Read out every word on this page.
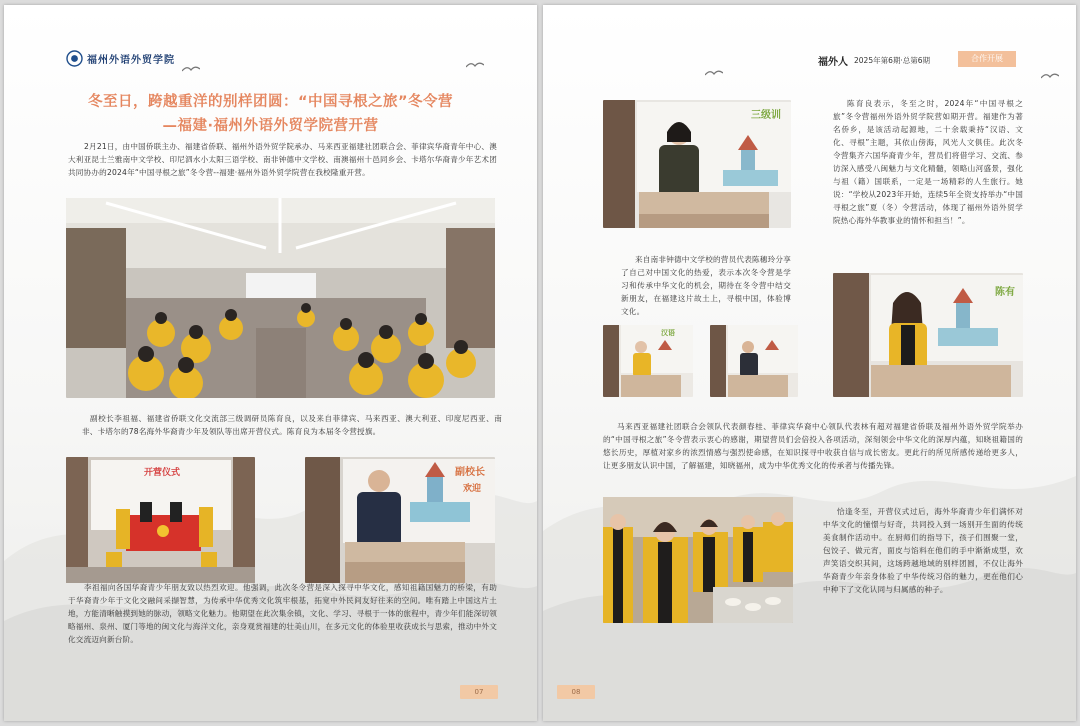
福州外语外贸学院
冬至日，跨越重洋的别样团圆：“中国寻根之旅”冬令营
—福建·福州外语外贸学院营开营

2月21日，由中国侨联主办、福建省侨联、福州外语外贸学院承办、马来西亚福建社团联合会、菲律宾华裔青年中心、澳大利亚昆士兰雅南中文学校、印尼泗水小太阳三语学校、南非钟德中文学校、南澳福州十邑同乡会、卡塔尔华裔青少年艺术团共同协办的2024年“中国寻根之旅”冬令营--福建·福州外语外贸学院营在我校隆重开营。

副校长李祖福、福建省侨联文化交流部三级调研员陈育良，以及来自菲律宾、马来西亚、澳大利亚、印度尼西亚、南非、卡塔尔的78名海外华裔青少年及领队等出席开营仪式。陈育良为本届冬令营授旗。

开营仪式	副校长
欢迎

李祖福向各国华裔青少年朋友致以热烈欢迎。他强调，此次冬令营是深入探寻中华文化，感知祖籍国魅力的桥梁，有助于华裔青少年于文化交融间采撷智慧，为传承中华优秀文化筑牢根基，拓宽中外民间友好往来的空间。唯有踏上中国这片土地，方能清晰触摸到她的脉动，领略文化魅力。他期望在此次集余镇，文化、学习、寻根于一体的旅程中，青少年们能深切领略福州、泉州、厦门等地的闽文化与海洋文化，亲身观赏福建的壮美山川，在多元文化的体验里收获成长与思索，推动中外文化交流迈向新台阶。

07
福外人 2025年第6期·总第6期	合作开展
三级训

陈育良表示，冬至之时，2024年“中国寻根之旅”冬令营福州外语外贸学院营如期开营。福建作为著名侨乡，是该活动起源地，二十余载秉持“汉语、文化、寻根”主题，其依山傍海，风光人文俱佳。此次冬令营集齐六国华裔青少年，营员们将借学习、交流、参访深入感受八闽魅力与文化精髓，领略山河盛景，强化与祖（籍）国联系，一定是一场精彩的人生旅行。她说：“学校从2023年开始，连续5年全资支持举办“中国寻根之旅”夏（冬）令营活动，体现了福州外语外贸学院热心海外华教事业的情怀和担当！”。

来自南非钟德中文学校的营员代表陈穗玲分享了自己对中国文化的热爱，表示本次冬令营是学习和传承中华文化的机会，期待在冬令营中结交新朋友，在福建这片故土上，寻根中国，体验博文化。

陈有
汉语

马来西亚福建社团联合会领队代表颜春桂、菲律宾华裔中心领队代表林有超对福建省侨联及福州外语外贸学院举办的“中国寻根之旅”冬令营表示衷心的感谢，期望营员们会倍投入各项活动，深刻领会中华文化的深厚内蕴，知晓祖籍国的悠长历史，厚植对家乡的浓烈情感与强烈使命感，在知识探寻中收获自信与成长密友。更此行的所见所感传递给更多人，让更多朋友认识中国，了解福建，知晓福州，成为中华优秀文化的传承者与传播先锋。

恰逢冬至，开营仪式过后，海外华裔青少年们满怀对中华文化的憧憬与好奇，共同投入到一场别开生面的传统美食制作活动中。在厨师们的指导下，孩子们围聚一堂，包饺子、做元宵，面皮与馅料在他们的手中渐渐成型，欢声笑语交织其间，这场跨越地域的别样团圆，不仅让海外华裔青少年亲身体验了中华传统习俗的魅力，更在他们心中种下了文化认同与归属感的种子。

08
